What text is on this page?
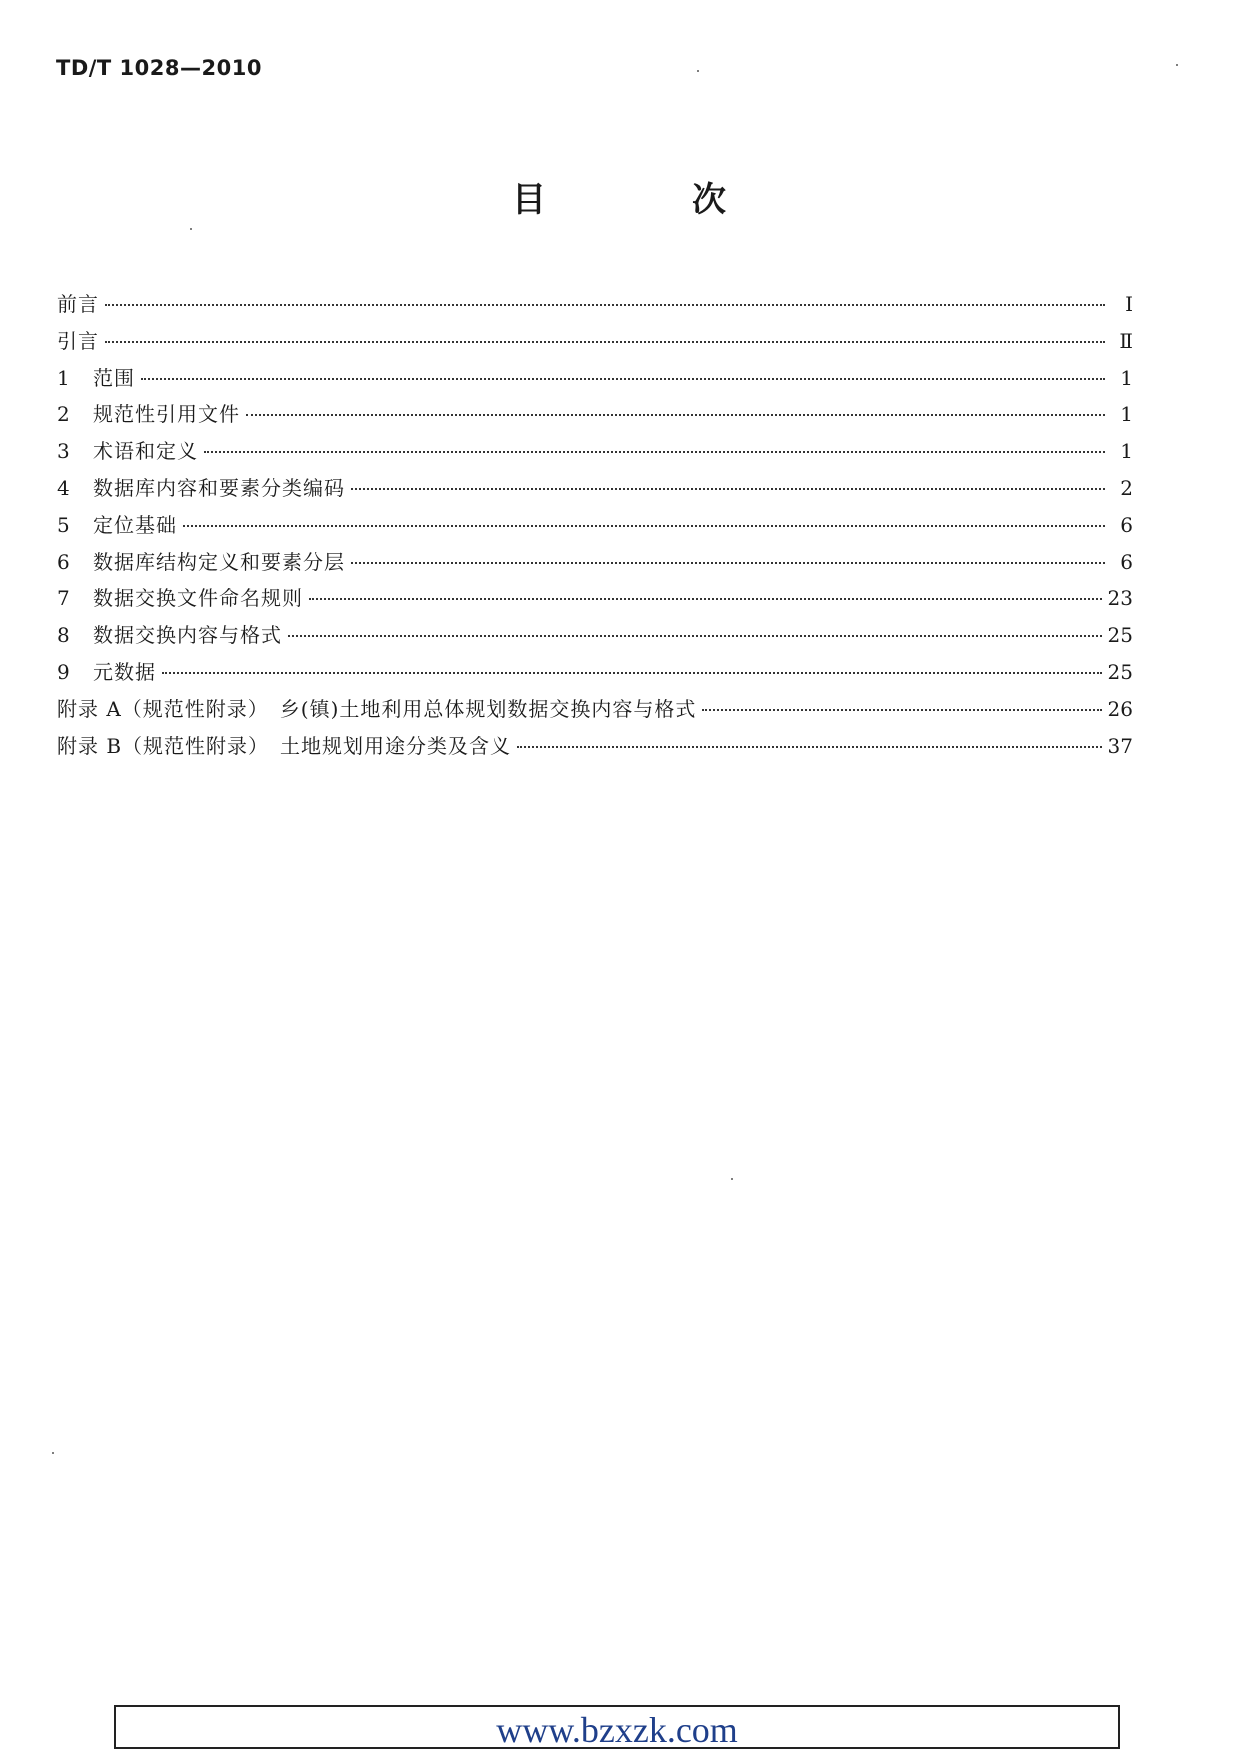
TD/T 1028—2010
目　次
前言	Ⅰ
引言	Ⅱ
1	范围	1
2	规范性引用文件	1
3	术语和定义	1
4	数据库内容和要素分类编码	2
5	定位基础	6
6	数据库结构定义和要素分层	6
7	数据交换文件命名规则	23
8	数据交换内容与格式	25
9	元数据	25
附录 A（规范性附录）　乡(镇)土地利用总体规划数据交换内容与格式	26
附录 B（规范性附录）　土地规划用途分类及含义	37
www.bzxzk.com
